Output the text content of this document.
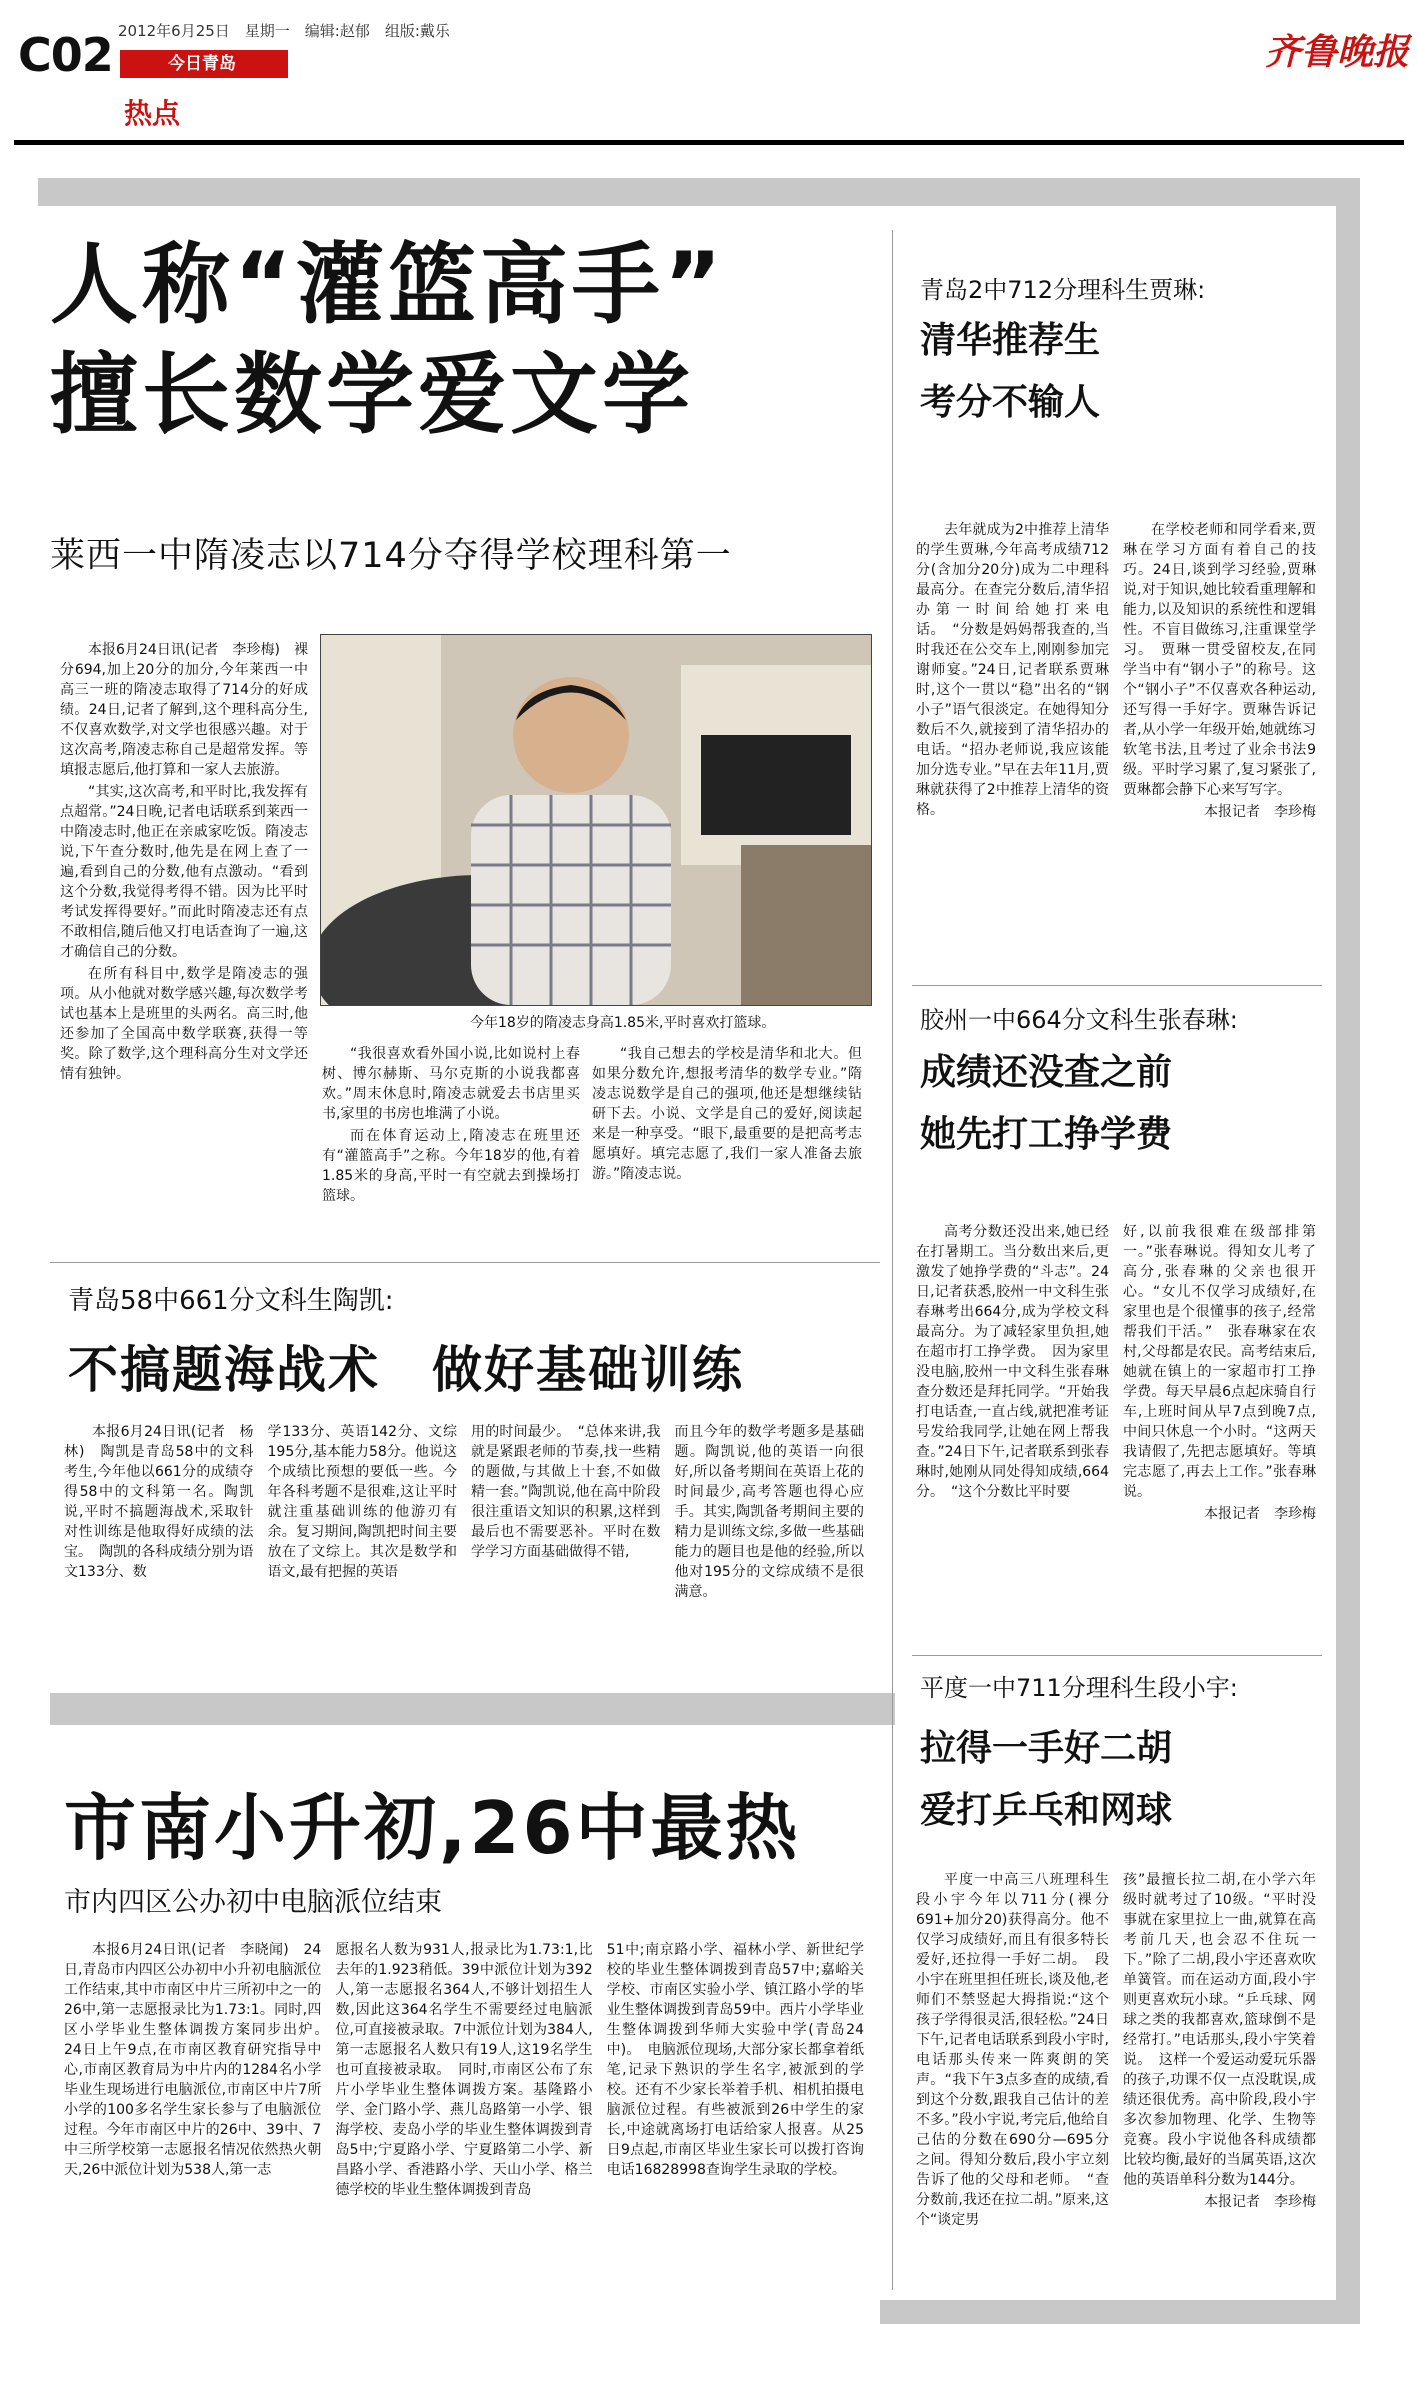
C02 2012年6月25日　星期一　编辑:赵郁　组版:戴乐
今日青岛
热点
齐鲁晚报
人称“灌篮高手”
擅长数学爱文学
莱西一中隋凌志以714分夺得学校理科第一
今年18岁的隋凌志身高1.85米,平时喜欢打篮球。

本报6月24日讯(记者　李珍梅)　裸分694,加上20分的加分,今年莱西一中高三一班的隋凌志取得了714分的好成绩。24日,记者了解到,这个理科高分生,不仅喜欢数学,对文学也很感兴趣。对于这次高考,隋凌志称自己是超常发挥。等填报志愿后,他打算和一家人去旅游。

“其实,这次高考,和平时比,我发挥有点超常。”24日晚,记者电话联系到莱西一中隋凌志时,他正在亲戚家吃饭。隋凌志说,下午查分数时,他先是在网上查了一遍,看到自己的分数,他有点激动。“看到这个分数,我觉得考得不错。因为比平时考试发挥得要好。”而此时隋凌志还有点不敢相信,随后他又打电话查询了一遍,这才确信自己的分数。

在所有科目中,数学是隋凌志的强项。从小他就对数学感兴趣,每次数学考试也基本上是班里的头两名。高三时,他还参加了全国高中数学联赛,获得一等奖。除了数学,这个理科高分生对文学还情有独钟。

“我很喜欢看外国小说,比如说村上春树、博尔赫斯、马尔克斯的小说我都喜欢。”周末休息时,隋凌志就爱去书店里买书,家里的书房也堆满了小说。

而在体育运动上,隋凌志在班里还有“灌篮高手”之称。今年18岁的他,有着1.85米的身高,平时一有空就去到操场打篮球。

“我自己想去的学校是清华和北大。但如果分数允许,想报考清华的数学专业。”隋凌志说数学是自己的强项,他还是想继续钻研下去。小说、文学是自己的爱好,阅读起来是一种享受。“眼下,最重要的是把高考志愿填好。填完志愿了,我们一家人准备去旅游。”隋凌志说。

青岛58中661分文科生陶凯:
不搞题海战术　做好基础训练

本报6月24日讯(记者　杨林)　陶凯是青岛58中的文科考生,今年他以661分的成绩夺得58中的文科第一名。陶凯说,平时不搞题海战术,采取针对性训练是他取得好成绩的法宝。　陶凯的各科成绩分别为语文133分、数

学133分、英语142分、文综195分,基本能力58分。他说这个成绩比预想的要低一些。今年各科考题不是很难,这让平时就注重基础训练的他游刃有余。复习期间,陶凯把时间主要放在了文综上。其次是数学和语文,最有把握的英语

用的时间最少。　“总体来讲,我就是紧跟老师的节奏,找一些精的题做,与其做上十套,不如做精一套。”陶凯说,他在高中阶段很注重语文知识的积累,这样到最后也不需要恶补。平时在数学学习方面基础做得不错,

而且今年的数学考题多是基础题。陶凯说,他的英语一向很好,所以备考期间在英语上花的时间最少,高考答题也得心应手。其实,陶凯备考期间主要的精力是训练文综,多做一些基础能力的题目也是他的经验,所以他对195分的文综成绩不是很满意。

市南小升初,26中最热
市内四区公办初中电脑派位结束

本报6月24日讯(记者　李晓闻)　24日,青岛市内四区公办初中小升初电脑派位工作结束,其中市南区中片三所初中之一的26中,第一志愿报录比为1.73:1。同时,四区小学毕业生整体调拨方案同步出炉。　24日上午9点,在市南区教育研究指导中心,市南区教育局为中片内的1284名小学毕业生现场进行电脑派位,市南区中片7所小学的100多名学生家长参与了电脑派位过程。今年市南区中片的26中、39中、7中三所学校第一志愿报名情况依然热火朝天,26中派位计划为538人,第一志

愿报名人数为931人,报录比为1.73:1,比去年的1.923稍低。39中派位计划为392人,第一志愿报名364人,不够计划招生人数,因此这364名学生不需要经过电脑派位,可直接被录取。7中派位计划为384人,第一志愿报名人数只有19人,这19名学生也可直接被录取。　同时,市南区公布了东片小学毕业生整体调拨方案。基隆路小学、金门路小学、燕儿岛路第一小学、银海学校、麦岛小学的毕业生整体调拨到青岛5中;宁夏路小学、宁夏路第二小学、新昌路小学、香港路小学、天山小学、格兰德学校的毕业生整体调拨到青岛

51中;南京路小学、福林小学、新世纪学校的毕业生整体调拨到青岛57中;嘉峪关学校、市南区实验小学、镇江路小学的毕业生整体调拨到青岛59中。西片小学毕业生整体调拨到华师大实验中学(青岛24中)。　电脑派位现场,大部分家长都拿着纸笔,记录下熟识的学生名字,被派到的学校。还有不少家长举着手机、相机拍摄电脑派位过程。有些被派到26中学生的家长,中途就离场打电话给家人报喜。从25日9点起,市南区毕业生家长可以拨打咨询电话16828998查询学生录取的学校。

青岛2中712分理科生贾琳:
清华推荐生
考分不输人

去年就成为2中推荐上清华的学生贾琳,今年高考成绩712分(含加分20分)成为二中理科最高分。在查完分数后,清华招办第一时间给她打来电话。　“分数是妈妈帮我查的,当时我还在公交车上,刚刚参加完谢师宴。”24日,记者联系贾琳时,这个一贯以“稳”出名的“钢小子”语气很淡定。在她得知分数后不久,就接到了清华招办的电话。“招办老师说,我应该能加分选专业。”早在去年11月,贾琳就获得了2中推荐上清华的资格。

在学校老师和同学看来,贾琳在学习方面有着自己的技巧。24日,谈到学习经验,贾琳说,对于知识,她比较看重理解和能力,以及知识的系统性和逻辑性。不盲目做练习,注重课堂学习。　贾琳一贯受留校友,在同学当中有“钢小子”的称号。这个“钢小子”不仅喜欢各种运动,还写得一手好字。贾琳告诉记者,从小学一年级开始,她就练习软笔书法,且考过了业余书法9级。平时学习累了,复习紧张了,贾琳都会静下心来写写字。

本报记者　李珍梅
胶州一中664分文科生张春琳:
成绩还没查之前
她先打工挣学费

高考分数还没出来,她已经在打暑期工。当分数出来后,更激发了她挣学费的“斗志”。24日,记者获悉,胶州一中文科生张春琳考出664分,成为学校文科最高分。为了减轻家里负担,她在超市打工挣学费。　因为家里没电脑,胶州一中文科生张春琳查分数还是拜托同学。“开始我打电话查,一直占线,就把准考证号发给我同学,让她在网上帮我查。”24日下午,记者联系到张春琳时,她刚从同处得知成绩,664分。　“这个分数比平时要

好,以前我很难在级部排第一。”张春琳说。得知女儿考了高分,张春琳的父亲也很开心。“女儿不仅学习成绩好,在家里也是个很懂事的孩子,经常帮我们干活。”　张春琳家在农村,父母都是农民。高考结束后,她就在镇上的一家超市打工挣学费。每天早晨6点起床骑自行车,上班时间从早7点到晚7点,中间只休息一个小时。“这两天我请假了,先把志愿填好。等填完志愿了,再去上工作。”张春琳说。

本报记者　李珍梅
平度一中711分理科生段小宇:
拉得一手好二胡
爱打乒乓和网球

平度一中高三八班理科生段小宇今年以711分(裸分691+加分20)获得高分。他不仅学习成绩好,而且有很多特长爱好,还拉得一手好二胡。　段小宇在班里担任班长,谈及他,老师们不禁竖起大拇指说:“这个孩子学得很灵活,很轻松。”24日下午,记者电话联系到段小宇时,电话那头传来一阵爽朗的笑声。“我下午3点多查的成绩,看到这个分数,跟我自己估计的差不多。”段小宇说,考完后,他给自己估的分数在690分—695分之间。得知分数后,段小宇立刻告诉了他的父母和老师。　“查分数前,我还在拉二胡。”原来,这个“谈定男

孩”最擅长拉二胡,在小学六年级时就考过了10级。“平时没事就在家里拉上一曲,就算在高考前几天,也会忍不住玩一下。”除了二胡,段小宇还喜欢吹单簧管。而在运动方面,段小宇则更喜欢玩小球。“乒乓球、网球之类的我都喜欢,篮球倒不是经常打。”电话那头,段小宇笑着说。　这样一个爱运动爱玩乐器的孩子,功课不仅一点没耽误,成绩还很优秀。高中阶段,段小宇多次参加物理、化学、生物等竞赛。段小宇说他各科成绩都比较均衡,最好的当属英语,这次他的英语单科分数为144分。

本报记者　李珍梅
